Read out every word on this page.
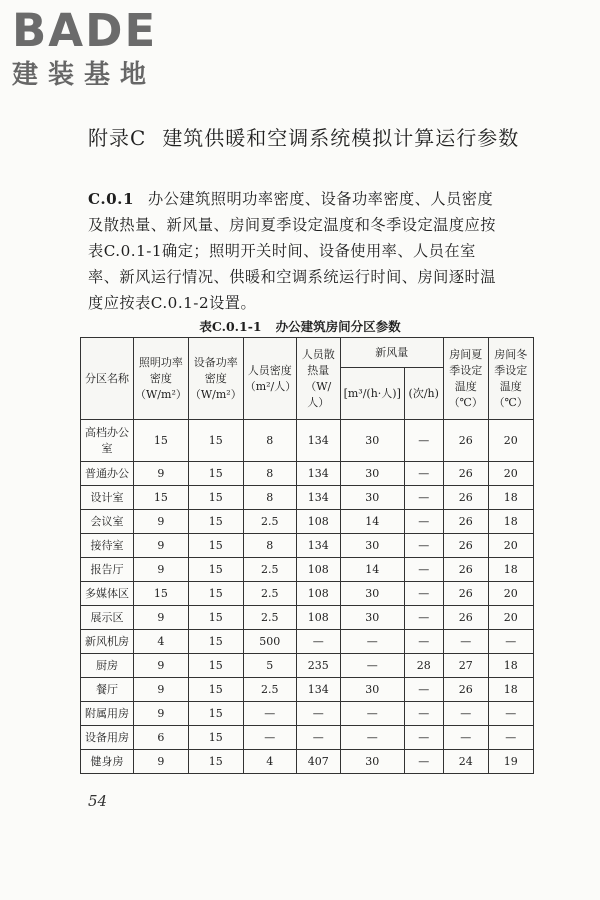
BADE
建装基地
附录C 建筑供暖和空调系统模拟计算运行参数
C.0.1 办公建筑照明功率密度、设备功率密度、人员密度及散热量、新风量、房间夏季设定温度和冬季设定温度应按表C.0.1-1确定；照明开关时间、设备使用率、人员在室率、新风运行情况、供暖和空调系统运行时间、房间逐时温度应按表C.0.1-2设置。
表C.0.1-1 办公建筑房间分区参数
分区名称	照明功率密度（W/m²）	设备功率密度（W/m²）	人员密度（m²/人）	人员散热量（W/人）	新风量		房间夏季设定温度（℃）	房间冬季设定温度（℃）
					[m³/(h·人)]	(次/h)		
高档办公室	15	15	8	134	30	—	26	20
普通办公	9	15	8	134	30	—	26	20
设计室	15	15	8	134	30	—	26	18
会议室	9	15	2.5	108	14	—	26	18
接待室	9	15	8	134	30	—	26	20
报告厅	9	15	2.5	108	14	—	26	18
多媒体区	15	15	2.5	108	30	—	26	20
展示区	9	15	2.5	108	30	—	26	20
新风机房	4	15	500	—	—	—	—	—
厨房	9	15	5	235	—	28	27	18
餐厅	9	15	2.5	134	30	—	26	18
附属用房	9	15	—	—	—	—	—	—
设备用房	6	15	—	—	—	—	—	—
健身房	9	15	4	407	30	—	24	19
54
